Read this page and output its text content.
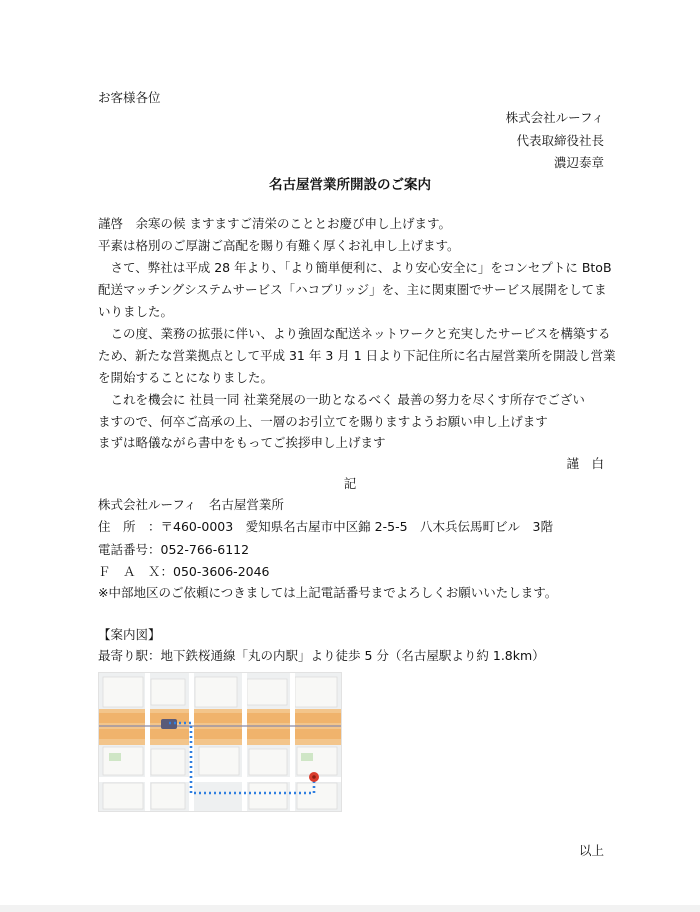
お客様各位
株式会社ルーフィ
代表取締役社長
濃辺泰章
名古屋営業所開設のご案内
謹啓　余寒の候 ますますご清栄のこととお慶び申し上げます。
平素は格別のご厚謝ご高配を賜り有難く厚くお礼申し上げます。
　さて、弊社は平成 28 年より、「より簡単便利に、より安心安全に」をコンセプトに BtoB
配送マッチングシステムサービス「ハコブリッジ」を、主に関東圏でサービス展開をしてま
いりました。
　この度、業務の拡張に伴い、より強固な配送ネットワークと充実したサービスを構築する
ため、新たな営業拠点として平成 31 年 3 月 1 日より下記住所に名古屋営業所を開設し営業
を開始することになりました。
　これを機会に 社員一同 社業発展の一助となるべく 最善の努力を尽くす所存でござい
ますので、何卒ご高承の上、一層のお引立てを賜りますようお願い申し上げます
まずは略儀ながら書中をもってご挨拶申し上げます
謹　白
記
株式会社ルーフィ　名古屋営業所
住　所　：〒460-0003　愛知県名古屋市中区錦 2-5-5　八木兵伝馬町ビル　3階
電話番号：052-766-6112
Ｆ　Ａ　Ｘ：050-3606-2046
※中部地区のご依頼につきましては上記電話番号までよろしくお願いいたします。
【案内図】
最寄り駅：地下鉄桜通線「丸の内駅」より徒歩 5 分（名古屋駅より約 1.8km）
以上
